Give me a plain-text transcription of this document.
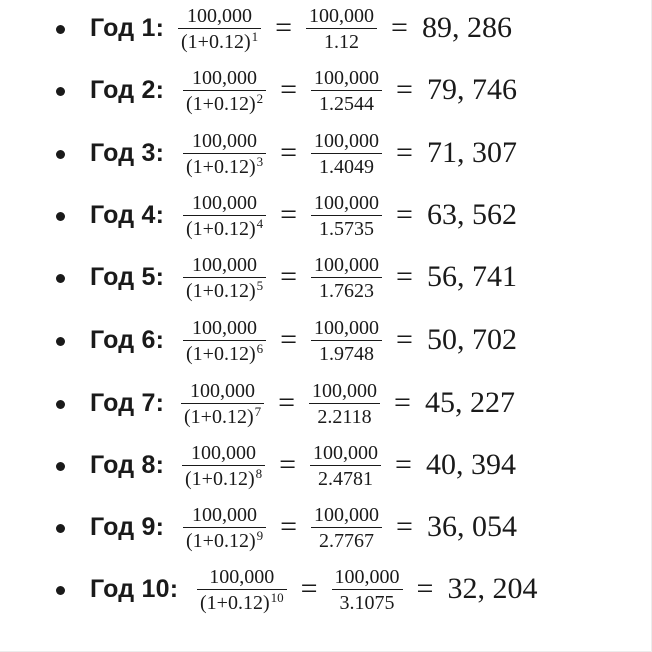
Год 1: $\frac{100,000}{(1+0.12)^1} = \frac{100,000}{1.12} = 89$, 286
Год 2: $\frac{100,000}{(1+0.12)^2} = \frac{100,000}{1.2544} = 79$, 746
Год 3: $\frac{100,000}{(1+0.12)^3} = \frac{100,000}{1.4049} = 71$, 307
Год 4: $\frac{100,000}{(1+0.12)^4} = \frac{100,000}{1.5735} = 63$, 562
Год 5: $\frac{100,000}{(1+0.12)^5} = \frac{100,000}{1.7623} = 56$, 741
Год 6: $\frac{100,000}{(1+0.12)^6} = \frac{100,000}{1.9748} = 50$, 702
Год 7: $\frac{100,000}{(1+0.12)^7} = \frac{100,000}{2.2118} = 45$, 227
Год 8: $\frac{100,000}{(1+0.12)^8} = \frac{100,000}{2.4781} = 40$, 394
Год 9: $\frac{100,000}{(1+0.12)^9} = \frac{100,000}{2.7767} = 36$, 054
Год 10: $\frac{100,000}{(1+0.12)^{10}} = \frac{100,000}{3.1075} = 32$, 204
